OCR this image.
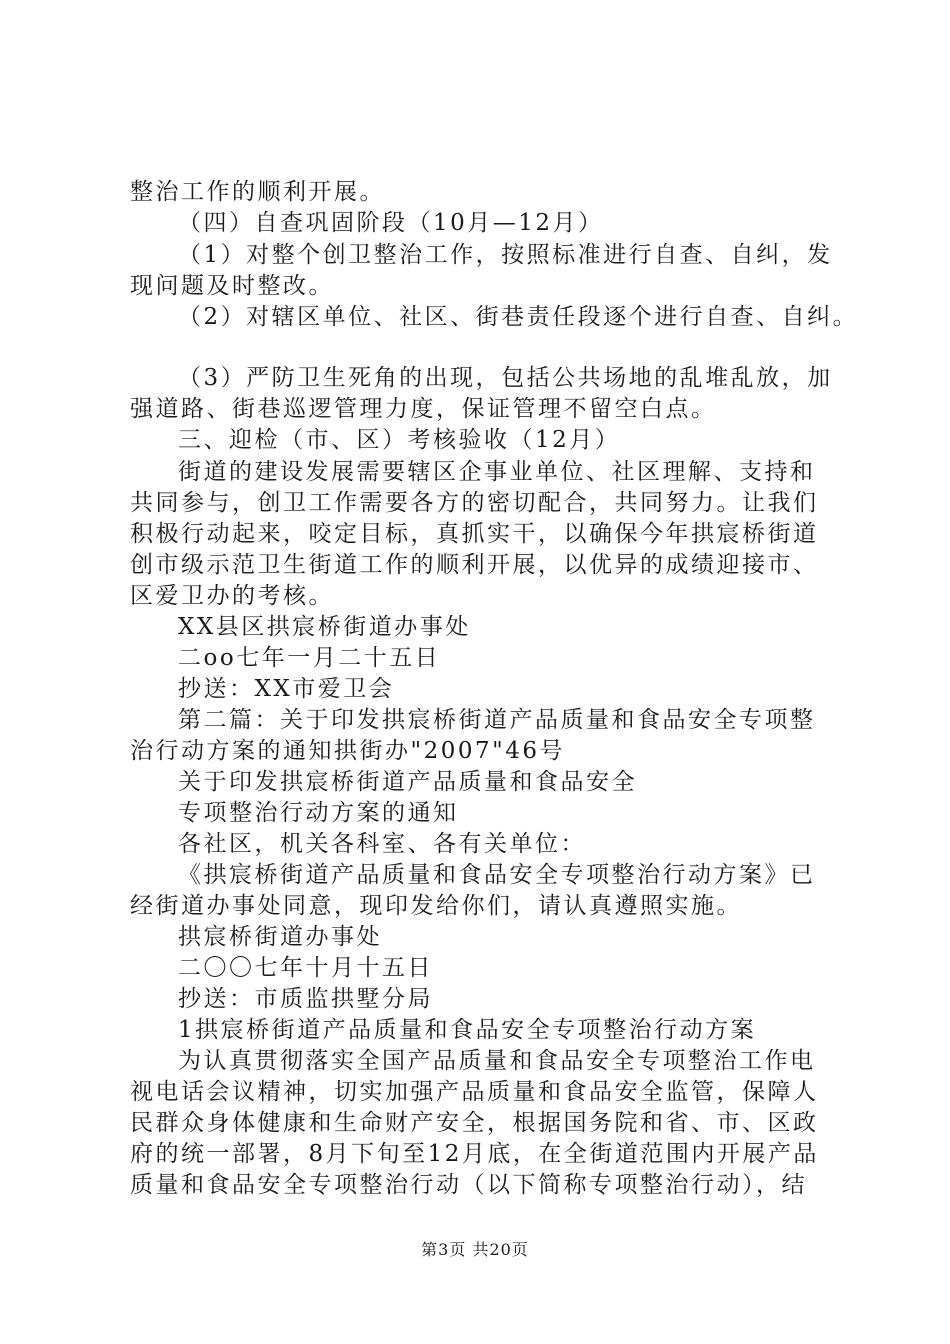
整治工作的顺利开展。
（四）自查巩固阶段（10月—12月）
（1）对整个创卫整治工作，按照标准进行自查、自纠，发
现问题及时整改。
（2）对辖区单位、社区、街巷责任段逐个进行自查、自纠。
（3）严防卫生死角的出现，包括公共场地的乱堆乱放，加
强道路、街巷巡逻管理力度，保证管理不留空白点。
三、迎检（市、区）考核验收（12月）
街道的建设发展需要辖区企事业单位、社区理解、支持和
共同参与，创卫工作需要各方的密切配合，共同努力。让我们
积极行动起来，咬定目标，真抓实干，以确保今年拱宸桥街道
创市级示范卫生街道工作的顺利开展，以优异的成绩迎接市、
区爱卫办的考核。
XX县区拱宸桥街道办事处
二oo七年一月二十五日
抄送：XX市爱卫会
第二篇：关于印发拱宸桥街道产品质量和食品安全专项整
治行动方案的通知拱街办"2007"46号
关于印发拱宸桥街道产品质量和食品安全
专项整治行动方案的通知
各社区，机关各科室、各有关单位：
《拱宸桥街道产品质量和食品安全专项整治行动方案》已
经街道办事处同意，现印发给你们，请认真遵照实施。
拱宸桥街道办事处
二〇〇七年十月十五日
抄送：市质监拱墅分局
1拱宸桥街道产品质量和食品安全专项整治行动方案
为认真贯彻落实全国产品质量和食品安全专项整治工作电
视电话会议精神，切实加强产品质量和食品安全监管，保障人
民群众身体健康和生命财产安全，根据国务院和省、市、区政
府的统一部署，8月下旬至12月底，在全街道范围内开展产品
质量和食品安全专项整治行动（以下简称专项整治行动），结
第3页 共20页
